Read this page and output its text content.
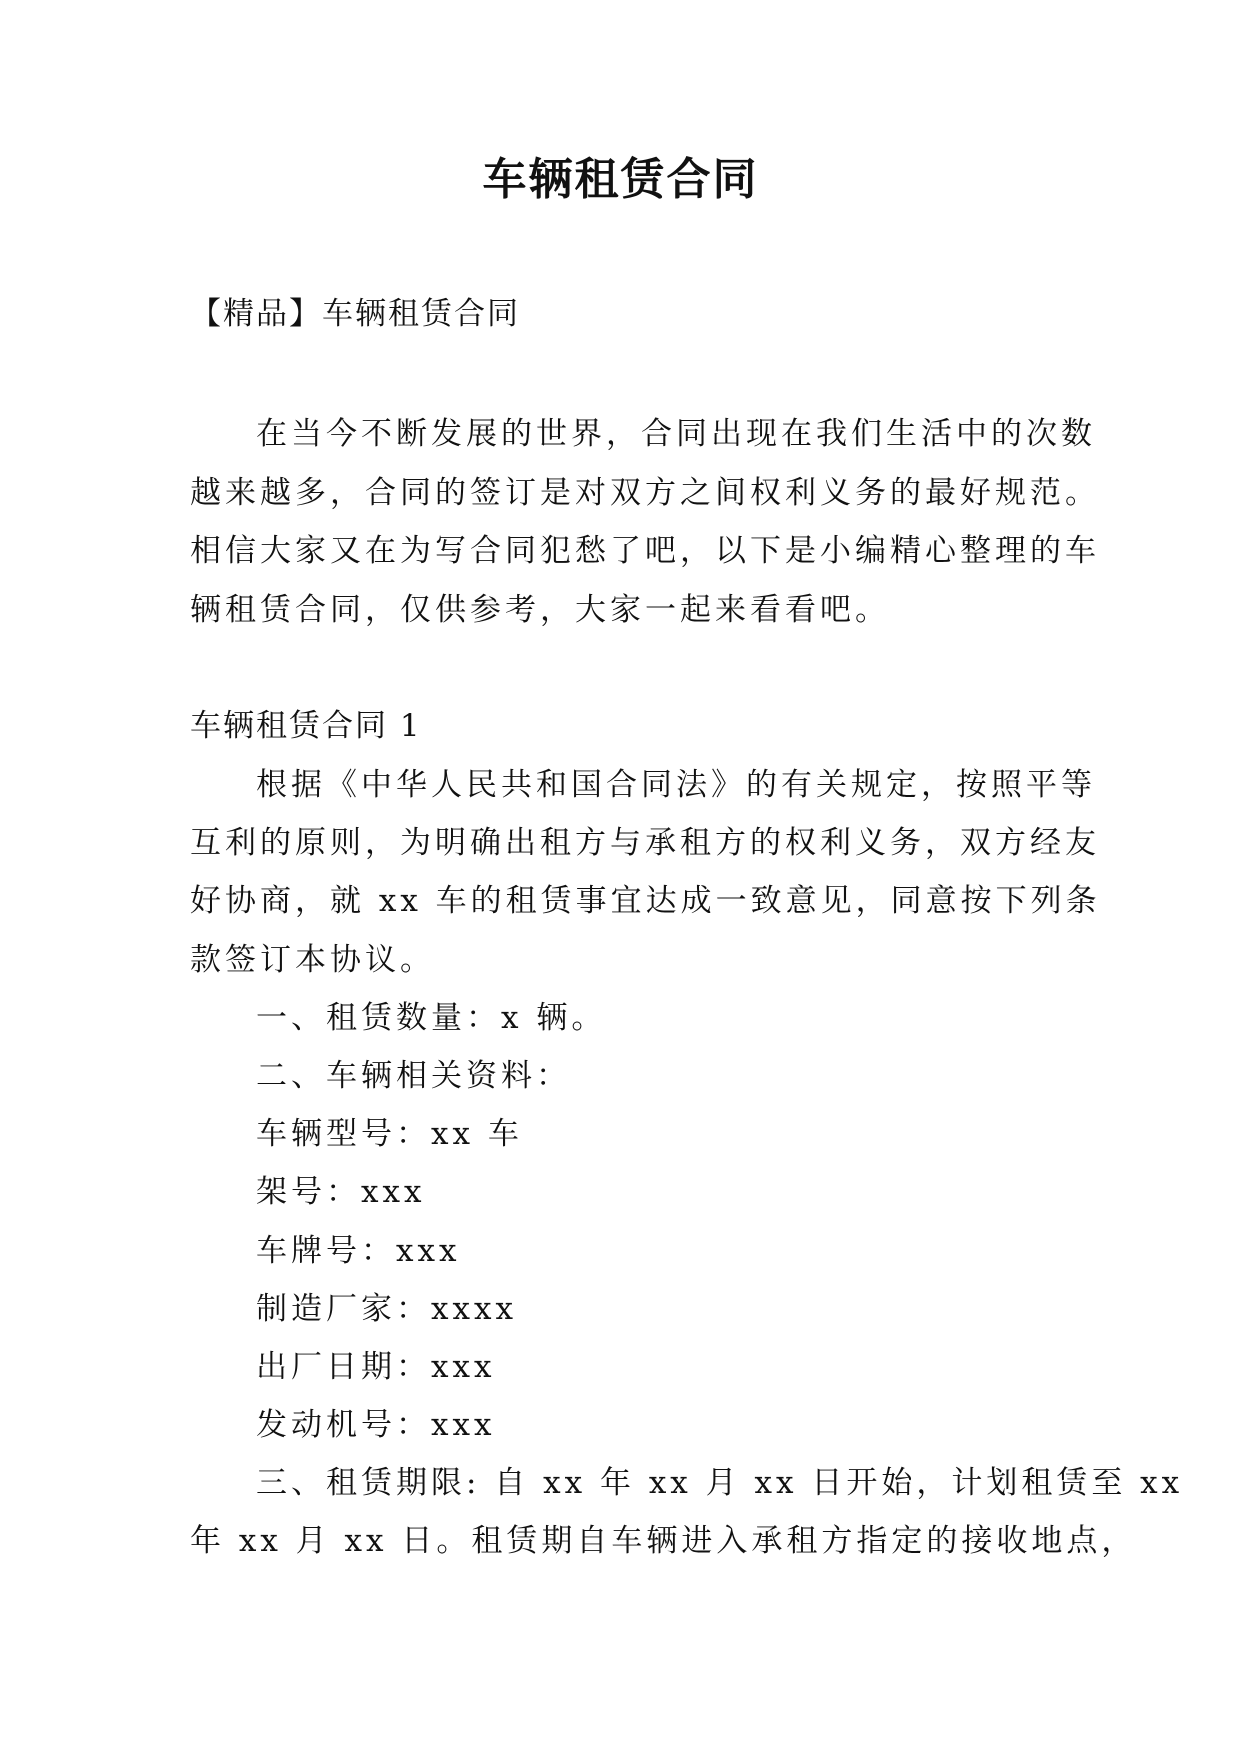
车辆租赁合同

【精品】车辆租赁合同

在当今不断发展的世界，合同出现在我们生活中的次数
越来越多，合同的签订是对双方之间权利义务的最好规范。
相信大家又在为写合同犯愁了吧，以下是小编精心整理的车
辆租赁合同，仅供参考，大家一起来看看吧。

车辆租赁合同 1

根据《中华人民共和国合同法》的有关规定，按照平等
互利的原则，为明确出租方与承租方的权利义务，双方经友
好协商，就 xx 车的租赁事宜达成一致意见，同意按下列条
款签订本协议。
一、租赁数量：x 辆。
二、车辆相关资料：
车辆型号：xx 车
架号：xxx
车牌号：xxx
制造厂家：xxxx
出厂日期：xxx
发动机号：xxx
三、租赁期限: 自 xx 年 xx 月 xx 日开始，计划租赁至 xx
年 xx 月 xx 日。租赁期自车辆进入承租方指定的接收地点，
